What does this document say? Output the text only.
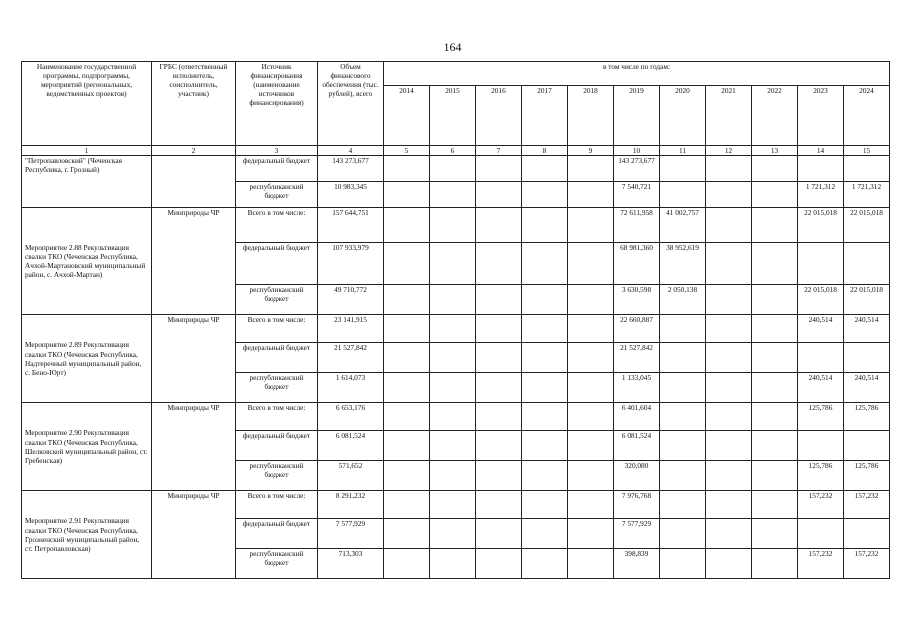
164
Наименование государственной программы, подпрограммы, мероприятий (региональных, ведомственных проектов)	ГРБС (ответственный исполнитель, соисполнитель, участник)	Источник финансирования (наименование источников финансирования)	Объем финансового обеспечения (тыс. рублей), всего	в том числе по годам:										
				2014	2015	2016	2017	2018	2019	2020	2021	2022	2023	2024
1	2	3	4	5	6	7	8	9	10	11	12	13	14	15
"Петропавловский" (Чеченская Республика, г. Грозный)		федеральный бюджет	143 273,677						143 273,677					
		республиканский бюджет	10 983,345						7 540,721				1 721,312	1 721,312
Мероприятие 2.88 Рекультивация свалки ТКО (Чеченская Республика, Ачхой-Мартановский муниципальный район, с. Ачхой-Мартан)	Минприроды ЧР	Всего в том числе:	157 644,751						72 611,958	41 002,757			22 015,018	22 015,018
		федеральный бюджет	107 933,979						68 981,360	38 952,619				
		республиканский бюджет	49 710,772						3 630,598	2 050,138			22 015,018	22 015,018
Мероприятие 2.89 Рекультивация свалки ТКО (Чеченская Республика, Надтеречный муниципальный район, с. Бено-Юрт)	Минприроды ЧР	Всего в том числе:	23 141,915						22 660,887				240,514	240,514
		федеральный бюджет	21 527,842						21 527,842					
		республиканский бюджет	1 614,073						1 133,045				240,514	240,514
Мероприятие 2.90 Рекультивация свалки ТКО (Чеченская Республика, Шелковской муниципальный район, ст. Гребенская)	Минприроды ЧР	Всего в том числе:	6 653,176						6 401,604				125,786	125,786
		федеральный бюджет	6 081,524						6 081,524					
		республиканский бюджет	571,652						320,080				125,786	125,786
Мероприятие 2.91 Рекультивация свалки ТКО (Чеченская Республика, Грозненский муниципальный район, ст. Петропавловская)	Минприроды ЧР	Всего в том числе:	8 291,232						7 976,768				157,232	157,232
		федеральный бюджет	7 577,929						7 577,929					
		республиканский бюджет	713,303						398,839				157,232	157,232
